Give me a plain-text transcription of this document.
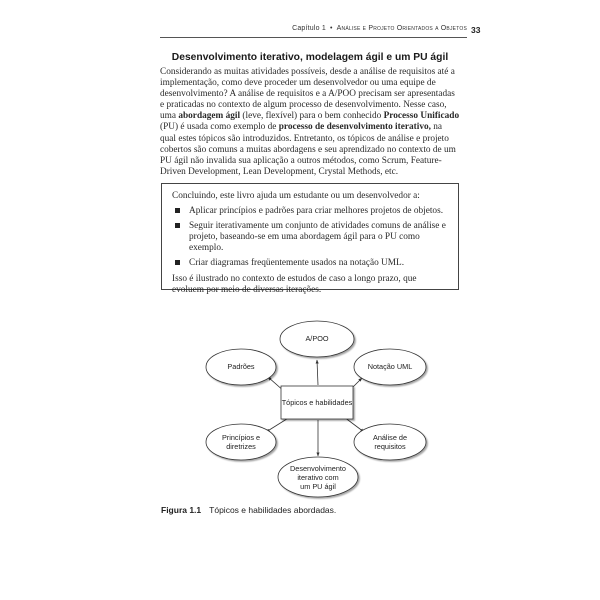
Capítulo 1 • Análise e Projeto Orientados a Objetos 33
Desenvolvimento iterativo, modelagem ágil e um PU ágil

Considerando as muitas atividades possíveis, desde a análise de requisitos até a implementação, como deve proceder um desenvolvedor ou uma equipe de desenvolvimento? A análise de requisitos e a A/POO precisam ser apresentadas e praticadas no contexto de algum processo de desenvolvimento. Nesse caso, uma abordagem ágil (leve, flexível) para o bem conhecido Processo Unificado (PU) é usada como exemplo de processo de desenvolvimento iterativo, na qual estes tópicos são introduzidos. Entretanto, os tópicos de análise e projeto cobertos são comuns a muitas abordagens e seu aprendizado no contexto de um PU ágil não invalida sua aplicação a outros métodos, como Scrum, Feature-Driven Development, Lean Development, Crystal Methods, etc.

Concluindo, este livro ajuda um estudante ou um desenvolvedor a:

Aplicar princípios e padrões para criar melhores projetos de objetos.
Seguir iterativamente um conjunto de atividades comuns de análise e projeto, baseando-se em uma abordagem ágil para o PU como exemplo.
Criar diagramas freqüentemente usados na notação UML.

Isso é ilustrado no contexto de estudos de caso a longo prazo, que evoluem por meio de diversas iterações.

Tópicos e habilidades
A/POO
Padrões	Notação UML
Princípios e
diretrizes
Análise de
requisitos
Desenvolvimento
iterativo com
um PU ágil
Figura 1.1 Tópicos e habilidades abordadas.
